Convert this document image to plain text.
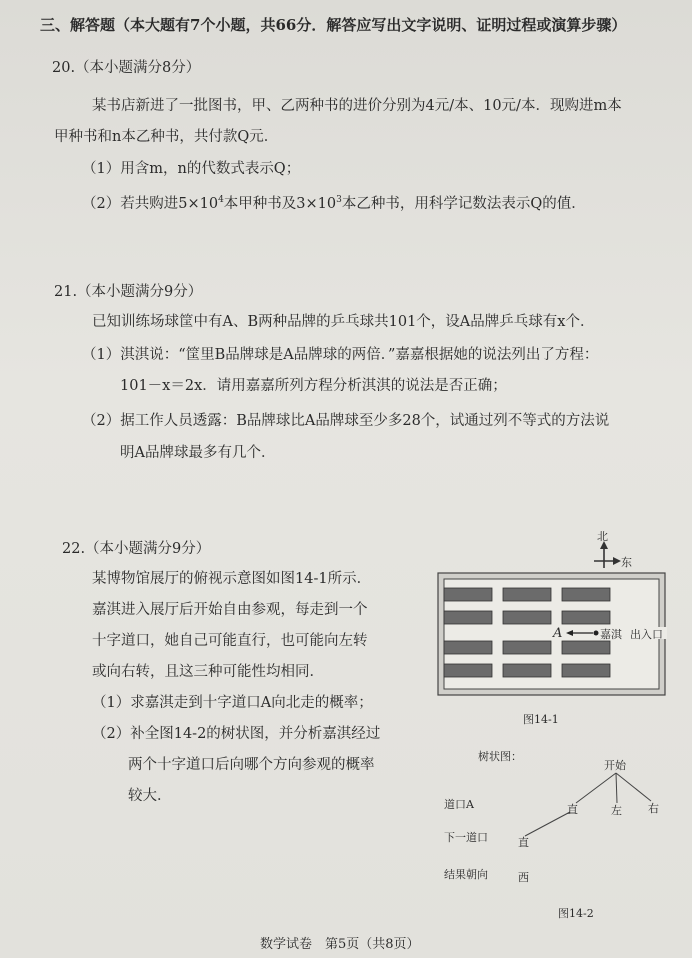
三、解答题（本大题有7个小题，共66分．解答应写出文字说明、证明过程或演算步骤）
20.（本小题满分8分）
某书店新进了一批图书，甲、乙两种书的进价分别为4元/本、10元/本．现购进m本
甲种书和n本乙种书，共付款Q元．
（1）用含m，n的代数式表示Q；
（2）若共购进$5\times 10^4$本甲种书及$3\times 10^3$本乙种书，用科学记数法表示Q的值．
21.（本小题满分9分）
已知训练场球筐中有A、B两种品牌的乒乓球共101个，设A品牌乒乓球有x个．
（1）淇淇说：“筐里B品牌球是A品牌球的两倍．”嘉嘉根据她的说法列出了方程：
101－x＝2x．请用嘉嘉所列方程分析淇淇的说法是否正确；
（2）据工作人员透露：B品牌球比A品牌球至少多28个，试通过列不等式的方法说
明A品牌球最多有几个．
22.（本小题满分9分）
某博物馆展厅的俯视示意图如图14-1所示．
嘉淇进入展厅后开始自由参观，每走到一个
十字道口，她自己可能直行，也可能向左转
或向右转，且这三种可能性均相同．
（1）求嘉淇走到十字道口A向北走的概率；
（2）补全图14-2的树状图，并分析嘉淇经过
两个十字道口后向哪个方向参观的概率
较大．
北
东
A	嘉淇 出入口
图14-1
树状图：
开始
道口A	直	左 右
下一道口	直
结果朝向	西
图14-2
数学试卷　第5页（共8页）
